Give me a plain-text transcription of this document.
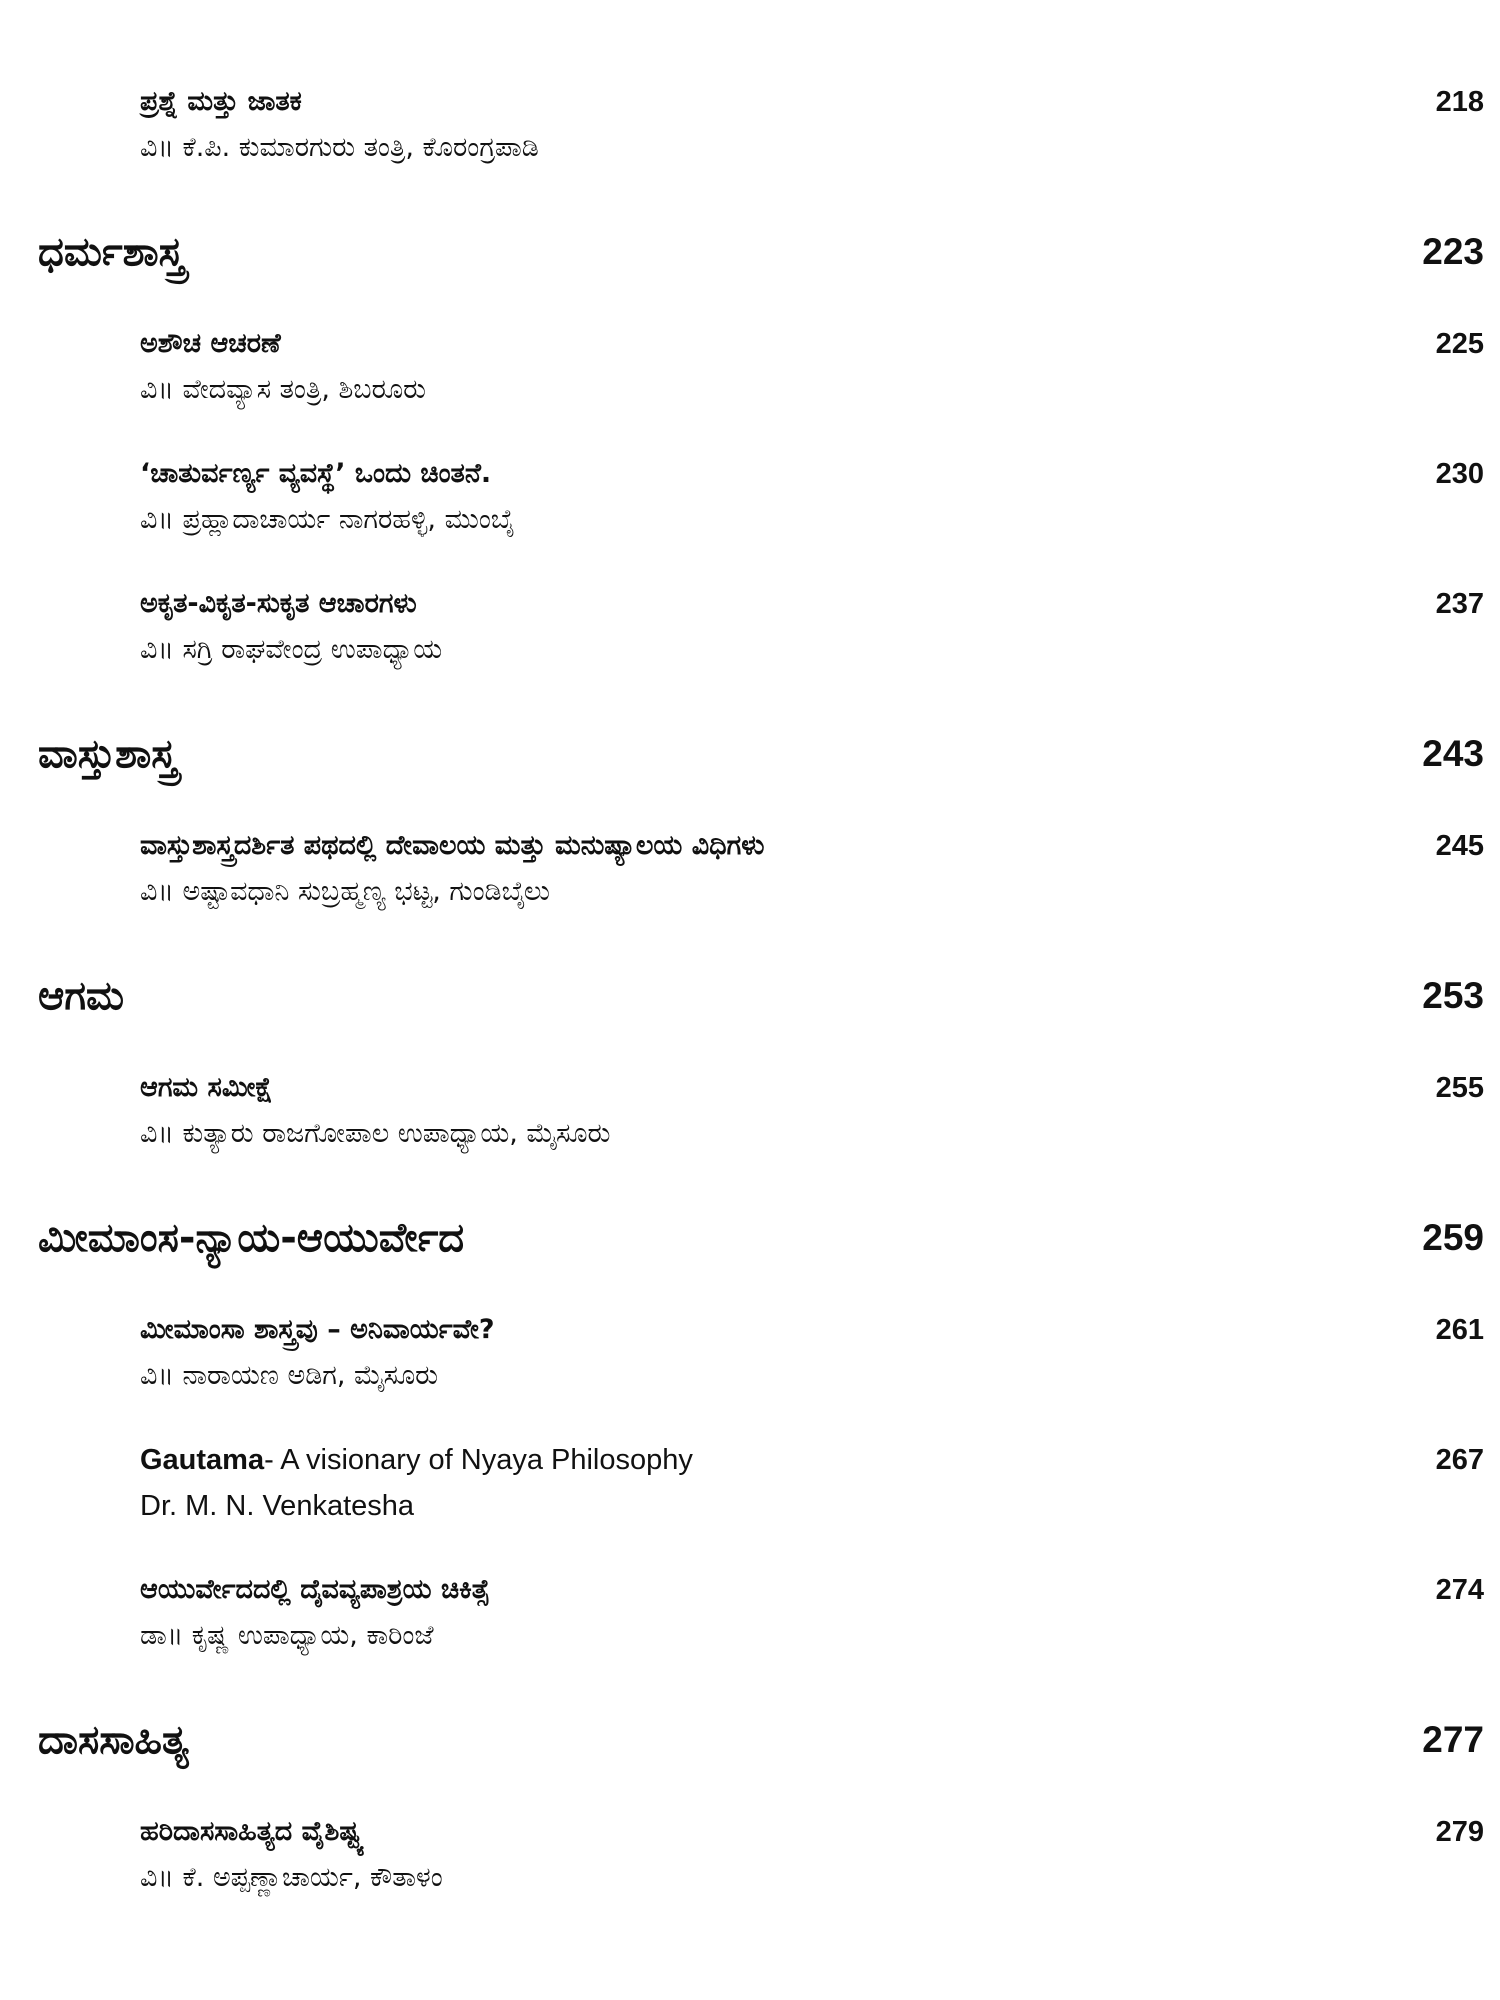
ಪ್ರಶ್ನೆ ಮತ್ತು ಜಾತಕ	218
ವಿ॥ ಕೆ.ಪಿ. ಕುಮಾರಗುರು ತಂತ್ರಿ, ಕೊರಂಗ್ರಪಾಡಿ
ಧರ್ಮಶಾಸ್ತ್ರ	223
ಅಶೌಚ ಆಚರಣೆ	225
ವಿ॥ ವೇದವ್ಯಾಸ ತಂತ್ರಿ, ಶಿಬರೂರು
‘ಚಾತುರ್ವರ್ಣ್ಯ ವ್ಯವಸ್ಥೆ’ ಒಂದು ಚಿಂತನೆ.	230
ವಿ॥ ಪ್ರಹ್ಲಾದಾಚಾರ್ಯ ನಾಗರಹಳ್ಳಿ, ಮುಂಬೈ
ಅಕೃತ-ವಿಕೃತ-ಸುಕೃತ ಆಚಾರಗಳು	237
ವಿ॥ ಸಗ್ರಿ ರಾಘವೇಂದ್ರ ಉಪಾಧ್ಯಾಯ
ವಾಸ್ತುಶಾಸ್ತ್ರ	243
ವಾಸ್ತುಶಾಸ್ತ್ರದರ್ಶಿತ ಪಥದಲ್ಲಿ ದೇವಾಲಯ ಮತ್ತು ಮನುಷ್ಯಾಲಯ ವಿಧಿಗಳು	245
ವಿ॥ ಅಷ್ಟಾವಧಾನಿ ಸುಬ್ರಹ್ಮಣ್ಯ ಭಟ್ಟ, ಗುಂಡಿಬೈಲು
ಆಗಮ	253
ಆಗಮ ಸಮೀಕ್ಷೆ	255
ವಿ॥ ಕುತ್ಯಾರು ರಾಜಗೋಪಾಲ ಉಪಾಧ್ಯಾಯ, ಮೈಸೂರು
ಮೀಮಾಂಸ-ನ್ಯಾಯ-ಆಯುರ್ವೇದ	259
ಮೀಮಾಂಸಾ ಶಾಸ್ತ್ರವು – ಅನಿವಾರ್ಯವೇ?	261
ವಿ॥ ನಾರಾಯಣ ಅಡಿಗ, ಮೈಸೂರು
Gautama- A visionary of Nyaya Philosophy	267
Dr. M. N. Venkatesha
ಆಯುರ್ವೇದದಲ್ಲಿ ದೈವವ್ಯಪಾಶ್ರಯ ಚಿಕಿತ್ಸೆ	274
ಡಾ॥ ಕೃಷ್ಣ ಉಪಾಧ್ಯಾಯ, ಕಾರಿಂಜೆ
ದಾಸಸಾಹಿತ್ಯ	277
ಹರಿದಾಸಸಾಹಿತ್ಯದ ವೈಶಿಷ್ಟ್ಯ	279
ವಿ॥ ಕೆ. ಅಪ್ಪಣ್ಣಾಚಾರ್ಯ, ಕೌತಾಳಂ
